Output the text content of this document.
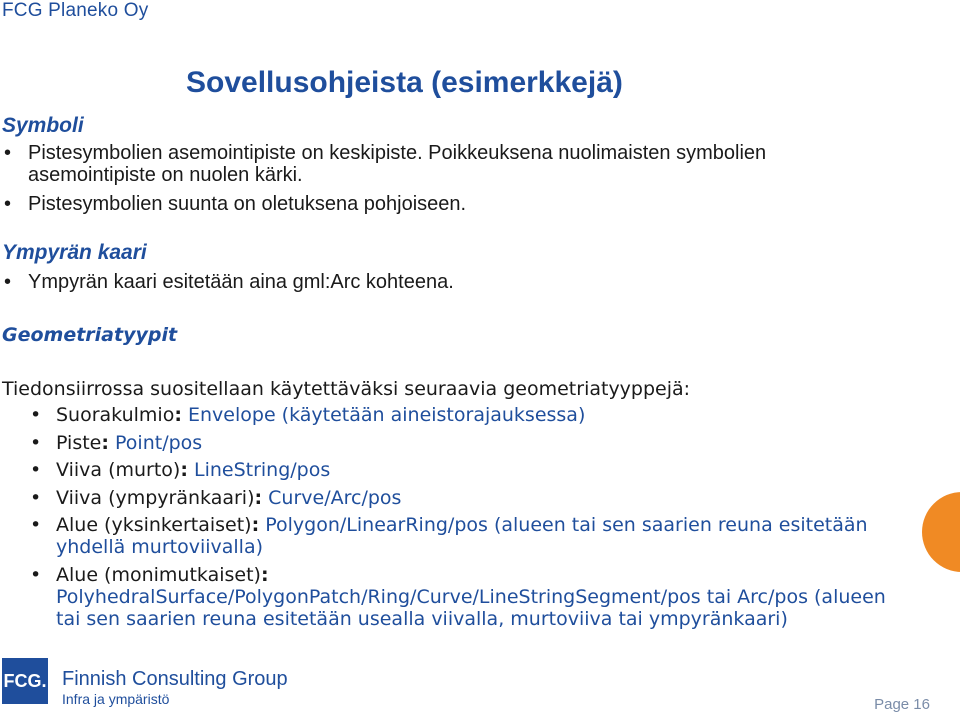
FCG Planeko Oy
Sovellusohjeista (esimerkkejä)
Symboli
• Pistesymbolien asemointipiste on keskipiste. Poikkeuksena nuolimaisten symbolien asemointipiste on nuolen kärki.
• Pistesymbolien suunta on oletuksena pohjoiseen.
Ympyrän kaari
• Ympyrän kaari esitetään aina gml:Arc kohteena.
Geometriatyypit
Tiedonsiirrossa suositellaan käytettäväksi seuraavia geometriatyyppejä:
• Suorakulmio: Envelope (käytetään aineistorajauksessa)
• Piste: Point/pos
• Viiva (murto): LineString/pos
• Viiva (ympyränkaari): Curve/Arc/pos
• Alue (yksinkertaiset): Polygon/LinearRing/pos (alueen tai sen saarien reuna esitetään yhdellä murtoviivalla)
• Alue (monimutkaiset):
PolyhedralSurface/PolygonPatch/Ring/Curve/LineStringSegment/pos tai Arc/pos (alueen tai sen saarien reuna esitetään usealla viivalla, murtoviiva tai ympyränkaari)
FCG. Finnish Consulting Group
Infra ja ympäristö	Page 16
